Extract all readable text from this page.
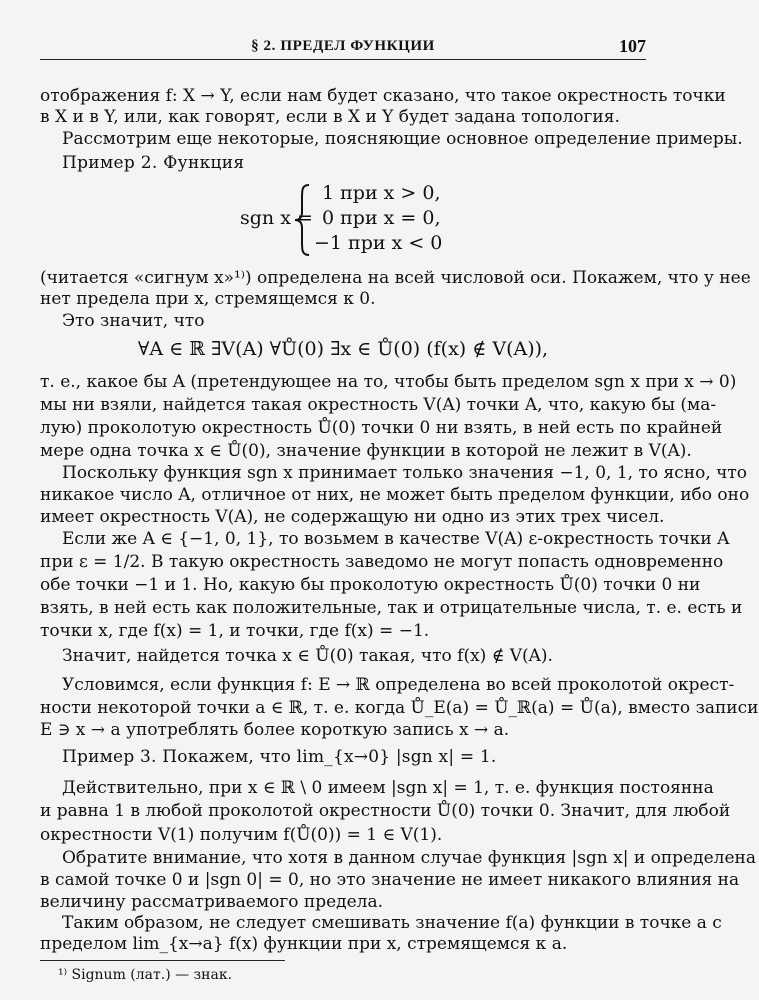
§ 2. ПРЕДЕЛ ФУНКЦИИ	107
отображения f: X → Y, если нам будет сказано, что такое окрестность точки
в X и в Y, или, как говорят, если в X и Y будет задана топология.
Рассмотрим еще некоторые, поясняющие основное определение примеры.
Пример 2. Функция
sgn x =
1 при x > 0,
0 при x = 0,
−1 при x < 0
(читается «сигнум x»¹⁾) определена на всей числовой оси. Покажем, что у нее
нет предела при x, стремящемся к 0.
Это значит, что
∀A ∈ ℝ ∃V(A) ∀Ů(0) ∃x ∈ Ů(0) (f(x) ∉ V(A)),
т. е., какое бы A (претендующее на то, чтобы быть пределом sgn x при x → 0)
мы ни взяли, найдется такая окрестность V(A) точки A, что, какую бы (ма-
лую) проколотую окрестность Ů(0) точки 0 ни взять, в ней есть по крайней
мере одна точка x ∈ Ů(0), значение функции в которой не лежит в V(A).
Поскольку функция sgn x принимает только значения −1, 0, 1, то ясно, что
никакое число A, отличное от них, не может быть пределом функции, ибо оно
имеет окрестность V(A), не содержащую ни одно из этих трех чисел.
Если же A ∈ {−1, 0, 1}, то возьмем в качестве V(A) ε-окрестность точки A
при ε = 1/2. В такую окрестность заведомо не могут попасть одновременно
обе точки −1 и 1. Но, какую бы проколотую окрестность Ů(0) точки 0 ни
взять, в ней есть как положительные, так и отрицательные числа, т. е. есть и
точки x, где f(x) = 1, и точки, где f(x) = −1.
Значит, найдется точка x ∈ Ů(0) такая, что f(x) ∉ V(A).
Условимся, если функция f: E → ℝ определена во всей проколотой окрест-
ности некоторой точки a ∈ ℝ, т. е. когда Ů_E(a) = Ů_ℝ(a) = Ů(a), вместо записи
E ∋ x → a употреблять более короткую запись x → a.
Пример 3. Покажем, что lim_{x→0} |sgn x| = 1.
Действительно, при x ∈ ℝ \ 0 имеем |sgn x| = 1, т. е. функция постоянна
и равна 1 в любой проколотой окрестности Ů(0) точки 0. Значит, для любой
окрестности V(1) получим f(Ů(0)) = 1 ∈ V(1).
Обратите внимание, что хотя в данном случае функция |sgn x| и определена
в самой точке 0 и |sgn 0| = 0, но это значение не имеет никакого влияния на
величину рассматриваемого предела.
Таким образом, не следует смешивать значение f(a) функции в точке a с
пределом lim_{x→a} f(x) функции при x, стремящемся к a.
¹⁾ Signum (лат.) — знак.
